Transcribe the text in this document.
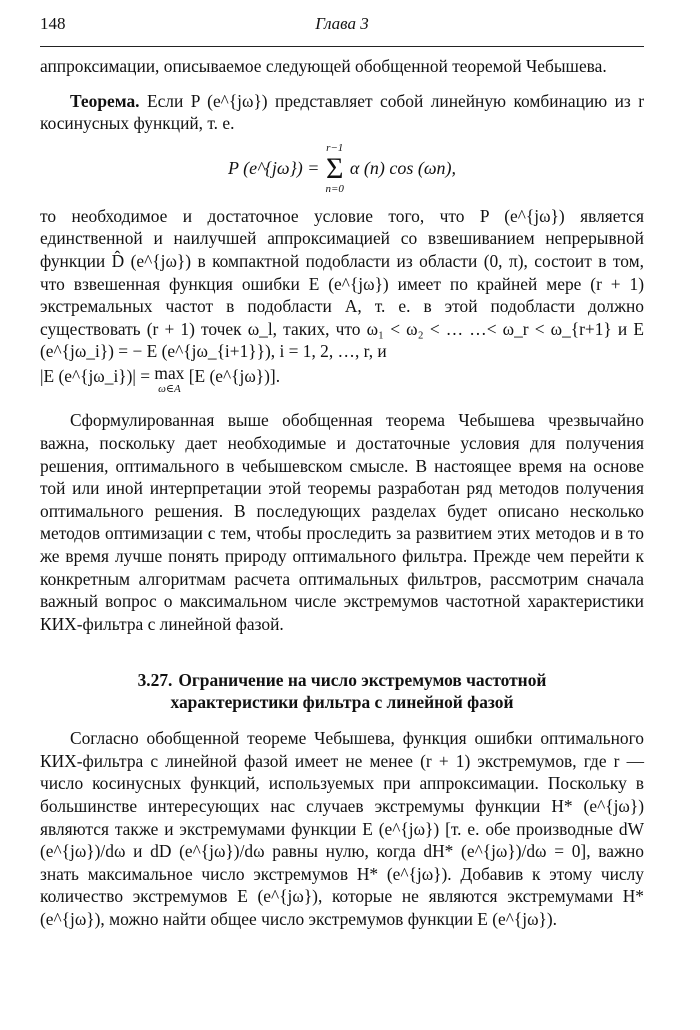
148	Глава 3

аппроксимации, описываемое следующей обобщенной теоремой Чебышева.

Теорема. Если P (e^{jω}) представляет собой линейную комбинацию из r косинусных функций, т. е.

P (e^{jω}) =
r−1
Σ
n=0
α (n) cos (ωn),

то необходимое и достаточное условие того, что P (e^{jω}) является единственной и наилучшей аппроксимацией со взвешиванием непрерывной функции D̂ (e^{jω}) в компактной подобласти из области (0, π), состоит в том, что взвешенная функция ошибки E (e^{jω}) имеет по крайней мере (r + 1) экстремальных частот в подобласти A, т. е. в этой подобласти должно существовать (r + 1) точек ω_l, таких, что ω₁ < ω₂ < … …< ω_r < ω_{r+1} и E (e^{jω_i}) = − E (e^{jω_{i+1}}), i = 1, 2, …, r, и

|E (e^{jω_i})| = max
ω∈A
[E (e^{jω})].

Сформулированная выше обобщенная теорема Чебышева чрезвычайно важна, поскольку дает необходимые и достаточные условия для получения решения, оптимального в чебышевском смысле. В настоящее время на основе той или иной интерпретации этой теоремы разработан ряд методов получения оптимального решения. В последующих разделах будет описано несколько методов оптимизации с тем, чтобы проследить за развитием этих методов и в то же время лучше понять природу оптимального фильтра. Прежде чем перейти к конкретным алгоритмам расчета оптимальных фильтров, рассмотрим сначала важный вопрос о максимальном числе экстремумов частотной характеристики КИХ-фильтра с линейной фазой.

3.27. Ограничение на число экстремумов частотной
характеристики фильтра с линейной фазой

Согласно обобщенной теореме Чебышева, функция ошибки оптимального КИХ-фильтра с линейной фазой имеет не менее (r + 1) экстремумов, где r — число косинусных функций, используемых при аппроксимации. Поскольку в большинстве интересующих нас случаев экстремумы функции H* (e^{jω}) являются также и экстремумами функции E (e^{jω}) [т. е. обе производные dW (e^{jω})/dω и dD (e^{jω})/dω равны нулю, когда dH* (e^{jω})/dω = 0], важно знать максимальное число экстремумов H* (e^{jω}). Добавив к этому числу количество экстремумов E (e^{jω}), которые не являются экстремумами H* (e^{jω}), можно найти общее число экстремумов функции E (e^{jω}).
